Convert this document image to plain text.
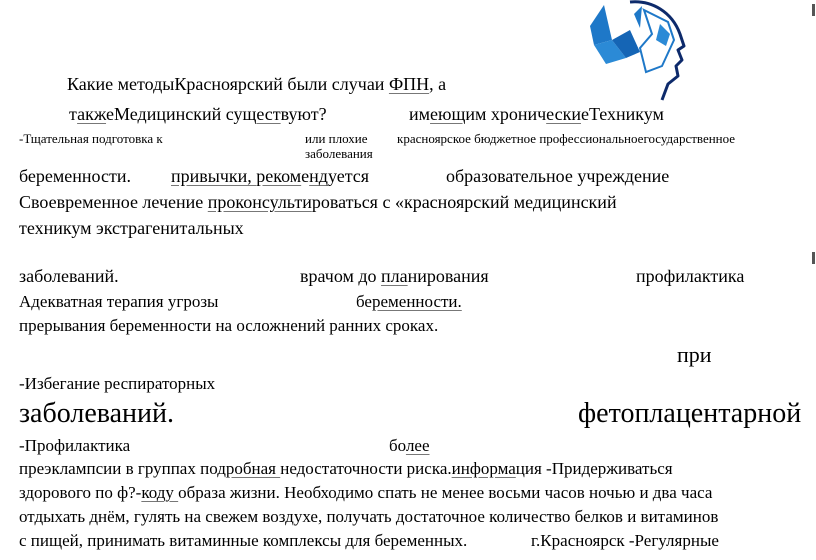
Какие методыКрасноярский были случаи ФПН, а
такжеМедицинский существуют?	имеющим хроническиеТехникум
-Тщательная подготовка к	или плохие
заболевания
красноярское бюджетное профессиональноегосударственное
беременности. привычки, рекомендуется	образовательное учреждение
Своевременное лечение проконсультироваться с «красноярский медицинский
техникум экстрагенитальных
заболеваний.	врачом до планирования	профилактика
Адекватная терапия угрозы	беременности.
прерывания беременности на осложнений ранних сроках.
при
-Избегание респираторных
заболеваний.	фетоплацентарной
-Профилактика	более
преэклампсии в группах подробная недостаточности риска.информация -Придерживаться
здорового по ф?-коду образа жизни. Необходимо спать не менее восьми часов ночью и два часа
отдыхать днём, гулять на свежем воздухе, получать достаточное количество белков и витаминов
с пищей, принимать витаминные комплексы для беременных.	г.Красноярск -Регулярные
